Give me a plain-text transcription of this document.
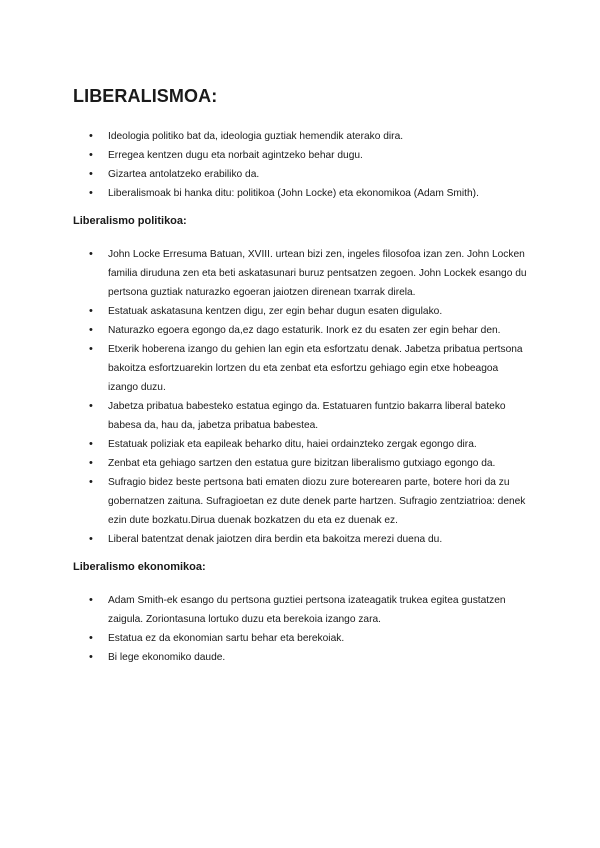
LIBERALISMOA:
• Ideologia politiko bat da, ideologia guztiak hemendik aterako dira.
• Erregea kentzen dugu eta norbait agintzeko behar dugu.
• Gizartea antolatzeko erabiliko da.
• Liberalismoak bi hanka ditu: politikoa (John Locke) eta ekonomikoa (Adam Smith).
Liberalismo politikoa:
• John Locke Erresuma Batuan, XVIII. urtean bizi zen, ingeles filosofoa izan zen. John Locken familia diruduna zen eta beti askatasunari buruz pentsatzen zegoen. John Lockek esango du pertsona guztiak naturazko egoeran jaiotzen direnean txarrak direla.
• Estatuak askatasuna kentzen digu, zer egin behar dugun esaten digulako.
• Naturazko egoera egongo da,ez dago estaturik. Inork ez du esaten zer egin behar den.
• Etxerik hoberena izango du gehien lan egin eta esfortzatu denak. Jabetza pribatua pertsona bakoitza esfortzuarekin lortzen du eta zenbat eta esfortzu gehiago egin etxe hobeagoa izango duzu.
• Jabetza pribatua babesteko estatua egingo da. Estatuaren funtzio bakarra liberal bateko babesa da, hau da, jabetza pribatua babestea.
• Estatuak poliziak eta eapileak beharko ditu, haiei ordainzteko zergak egongo dira.
• Zenbat eta gehiago sartzen den estatua gure bizitzan liberalismo gutxiago egongo da.
• Sufragio bidez beste pertsona bati ematen diozu zure boterearen parte, botere hori da zu gobernatzen zaituna. Sufragioetan ez dute denek parte hartzen. Sufragio zentziatrioa: denek ezin dute bozkatu.Dirua duenak bozkatzen du eta ez duenak ez.
• Liberal batentzat denak jaiotzen dira berdin eta bakoitza merezi duena du.
Liberalismo ekonomikoa:
• Adam Smith-ek esango du pertsona guztiei pertsona izateagatik trukea egitea gustatzen zaigula. Zoriontasuna lortuko duzu eta berekoia izango zara.
• Estatua ez da ekonomian sartu behar eta berekoiak.
• Bi lege ekonomiko daude.
